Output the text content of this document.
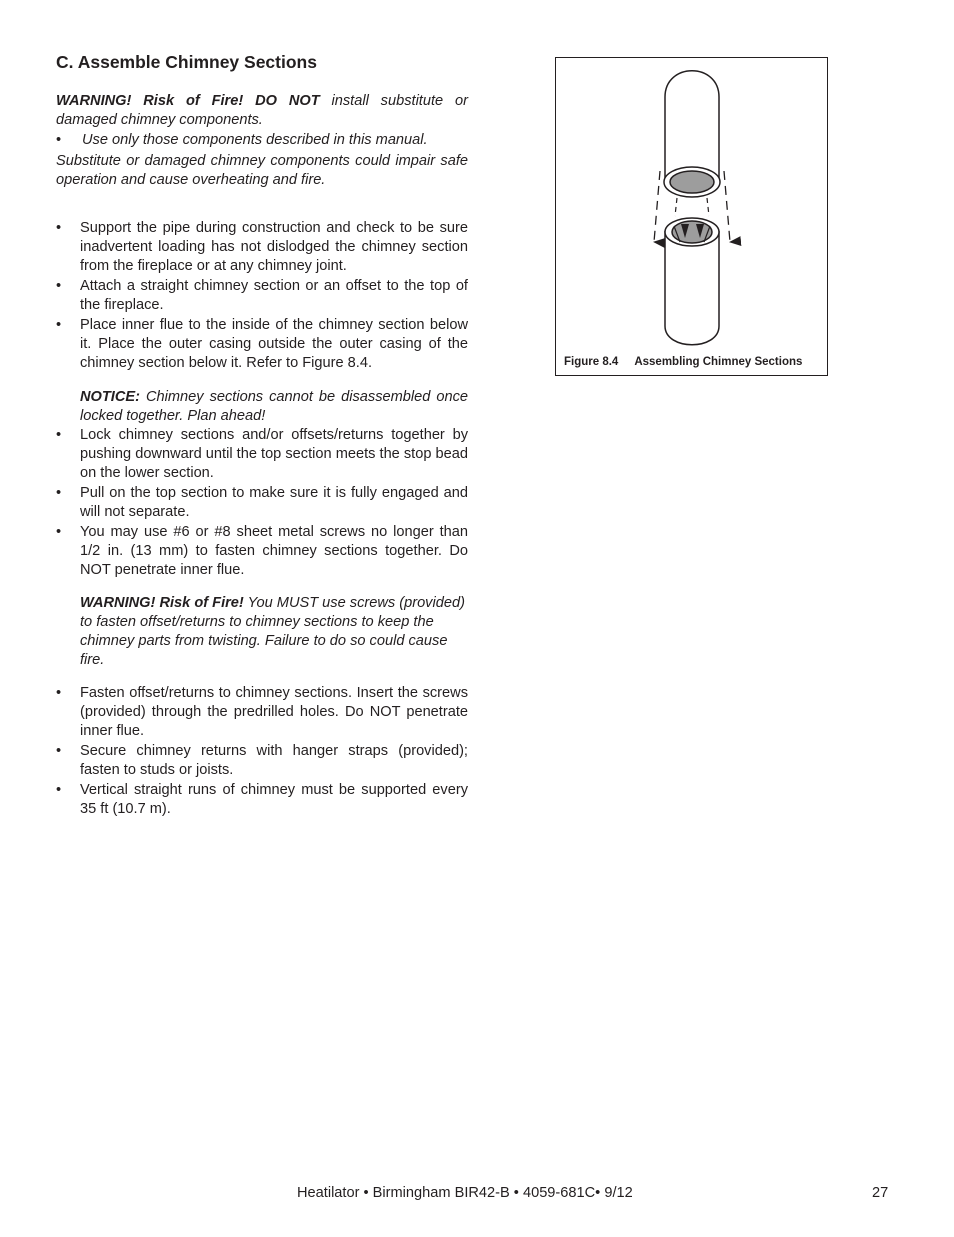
C. Assemble Chimney Sections

WARNING! Risk of Fire! DO NOT install substitute or damaged chimney components.

•	Use only those components described in this manual.

Substitute or damaged chimney components could impair safe operation and cause overheating and fire.

• Support the pipe during construction and check to be sure inadvertent loading has not dislodged the chimney section from the fireplace or at any chimney joint.
• Attach a straight chimney section or an offset to the top of the fireplace.
• Place inner flue to the inside of the chimney section below it. Place the outer casing outside the outer casing of the chimney section below it. Refer to Figure 8.4.

NOTICE: Chimney sections cannot be disassembled once locked together. Plan ahead!

• Lock chimney sections and/or offsets/returns together by pushing downward until the top section meets the stop bead on the lower section.
• Pull on the top section to make sure it is fully engaged and will not separate.
• You may use #6 or #8 sheet metal screws no longer than 1/2 in. (13 mm) to fasten chimney sections together. Do NOT penetrate inner flue.

WARNING! Risk of Fire! You MUST use screws (provided) to fasten offset/returns to chimney sections to keep the chimney parts from twisting. Failure to do so could cause fire.

• Fasten offset/returns to chimney sections. Insert the screws (provided) through the predrilled holes. Do NOT penetrate inner flue.
• Secure chimney returns with hanger straps (provided); fasten to studs or joists.
• Vertical straight runs of chimney must be supported every 35 ft (10.7 m).
Figure 8.4 Assembling Chimney Sections
Heatilator • Birmingham BIR42-B • 4059-681C• 9/12	27
